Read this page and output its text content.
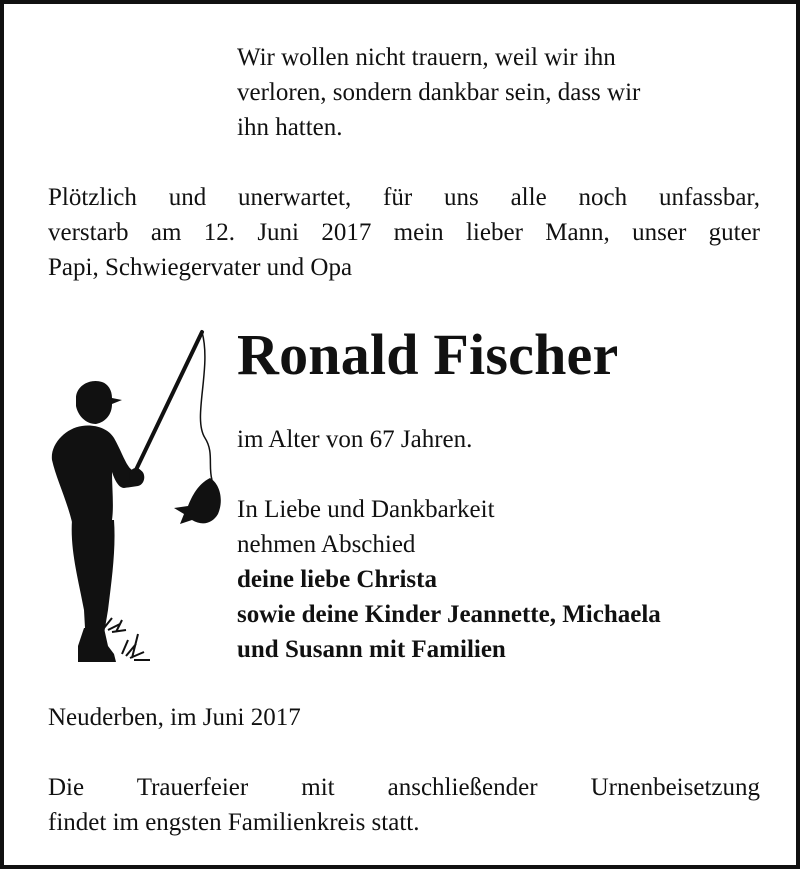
Wir wollen nicht trauern, weil wir ihn
verloren, sondern dankbar sein, dass wir
ihn hatten.
Plötzlich und unerwartet, für uns alle noch unfassbar,
verstarb am 12. Juni 2017 mein lieber Mann, unser guter
Papi, Schwiegervater und Opa
Ronald Fischer
im Alter von 67 Jahren.
In Liebe und Dankbarkeit
nehmen Abschied
deine liebe Christa
sowie deine Kinder Jeannette, Michaela
und Susann mit Familien
Neuderben, im Juni 2017
Die Trauerfeier mit anschließender Urnenbeisetzung
findet im engsten Familienkreis statt.
